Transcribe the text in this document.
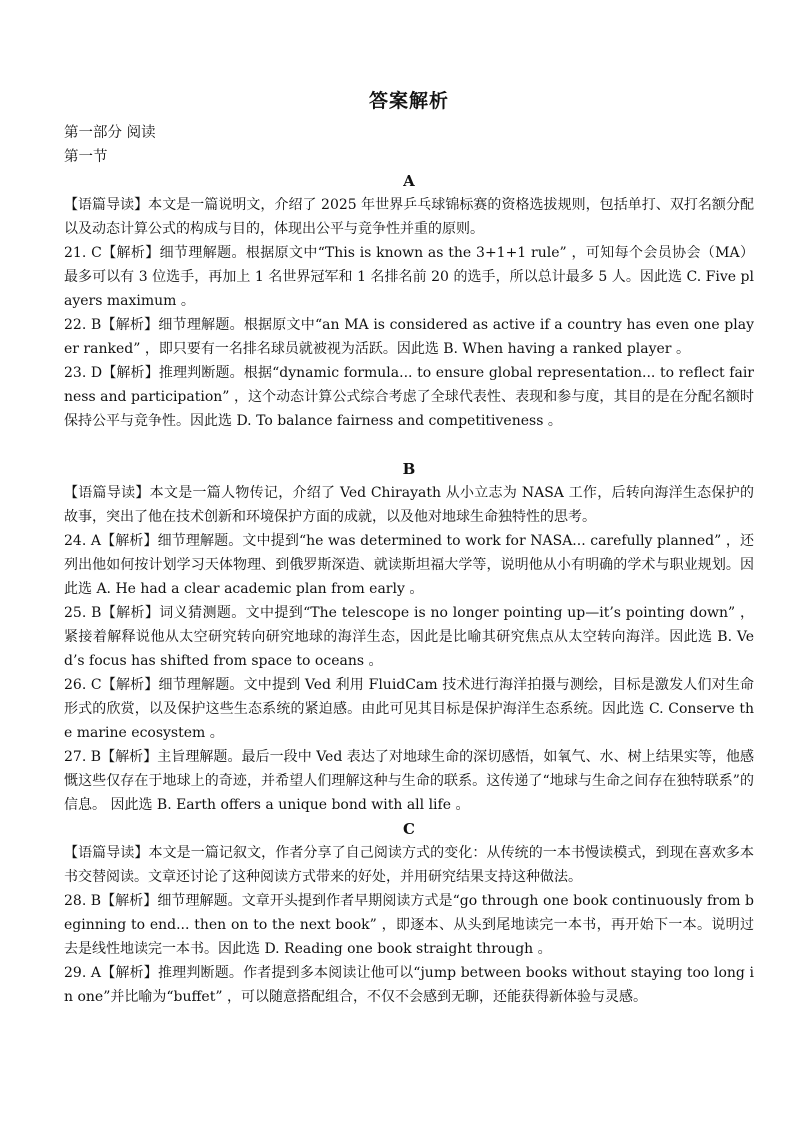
答案解析

第一部分 阅读

第一节

A

【语篇导读】本文是一篇说明文，介绍了 2025 年世界乒乓球锦标赛的资格选拔规则，包括单打、双打名额分配以及动态计算公式的构成与目的，体现出公平与竞争性并重的原则。

21. C【解析】细节理解题。根据原文中“This is known as the 3+1+1 rule” ，可知每个会员协会（MA）最多可以有 3 位选手，再加上 1 名世界冠军和 1 名排名前 20 的选手，所以总计最多 5 人。因此选 C. Five players maximum 。

22. B【解析】细节理解题。根据原文中“an MA is considered as active if a country has even one player ranked” ，即只要有一名排名球员就被视为活跃。因此选 B. When having a ranked player 。

23. D【解析】推理判断题。根据“dynamic formula... to ensure global representation... to reflect fairness and participation” ，这个动态计算公式综合考虑了全球代表性、表现和参与度，其目的是在分配名额时保持公平与竞争性。因此选 D. To balance fairness and competitiveness 。

B

【语篇导读】本文是一篇人物传记，介绍了 Ved Chirayath 从小立志为 NASA 工作，后转向海洋生态保护的故事，突出了他在技术创新和环境保护方面的成就，以及他对地球生命独特性的思考。

24. A【解析】细节理解题。文中提到“he was determined to work for NASA... carefully planned” ，还列出他如何按计划学习天体物理、到俄罗斯深造、就读斯坦福大学等，说明他从小有明确的学术与职业规划。因此选 A. He had a clear academic plan from early 。

25. B【解析】词义猜测题。文中提到“The telescope is no longer pointing up—it’s pointing down” ，紧接着解释说他从太空研究转向研究地球的海洋生态，因此是比喻其研究焦点从太空转向海洋。因此选 B. Ved’s focus has shifted from space to oceans 。

26. C【解析】细节理解题。文中提到 Ved 利用 FluidCam 技术进行海洋拍摄与测绘，目标是激发人们对生命形式的欣赏，以及保护这些生态系统的紧迫感。由此可见其目标是保护海洋生态系统。因此选 C. Conserve the marine ecosystem 。

27. B【解析】主旨理解题。最后一段中 Ved 表达了对地球生命的深切感悟，如氧气、水、树上结果实等，他感慨这些仅存在于地球上的奇迹，并希望人们理解这种与生命的联系。这传递了“地球与生命之间存在独特联系”的信息。 因此选 B. Earth offers a unique bond with all life 。

C

【语篇导读】本文是一篇记叙文，作者分享了自己阅读方式的变化：从传统的一本书慢读模式，到现在喜欢多本书交替阅读。文章还讨论了这种阅读方式带来的好处，并用研究结果支持这种做法。

28. B【解析】细节理解题。文章开头提到作者早期阅读方式是“go through one book continuously from beginning to end... then on to the next book” ，即逐本、从头到尾地读完一本书，再开始下一本。说明过去是线性地读完一本书。因此选 D. Reading one book straight through 。

29. A【解析】推理判断题。作者提到多本阅读让他可以“jump between books without staying too long in one”并比喻为“buffet” ，可以随意搭配组合，不仅不会感到无聊，还能获得新体验与灵感。
